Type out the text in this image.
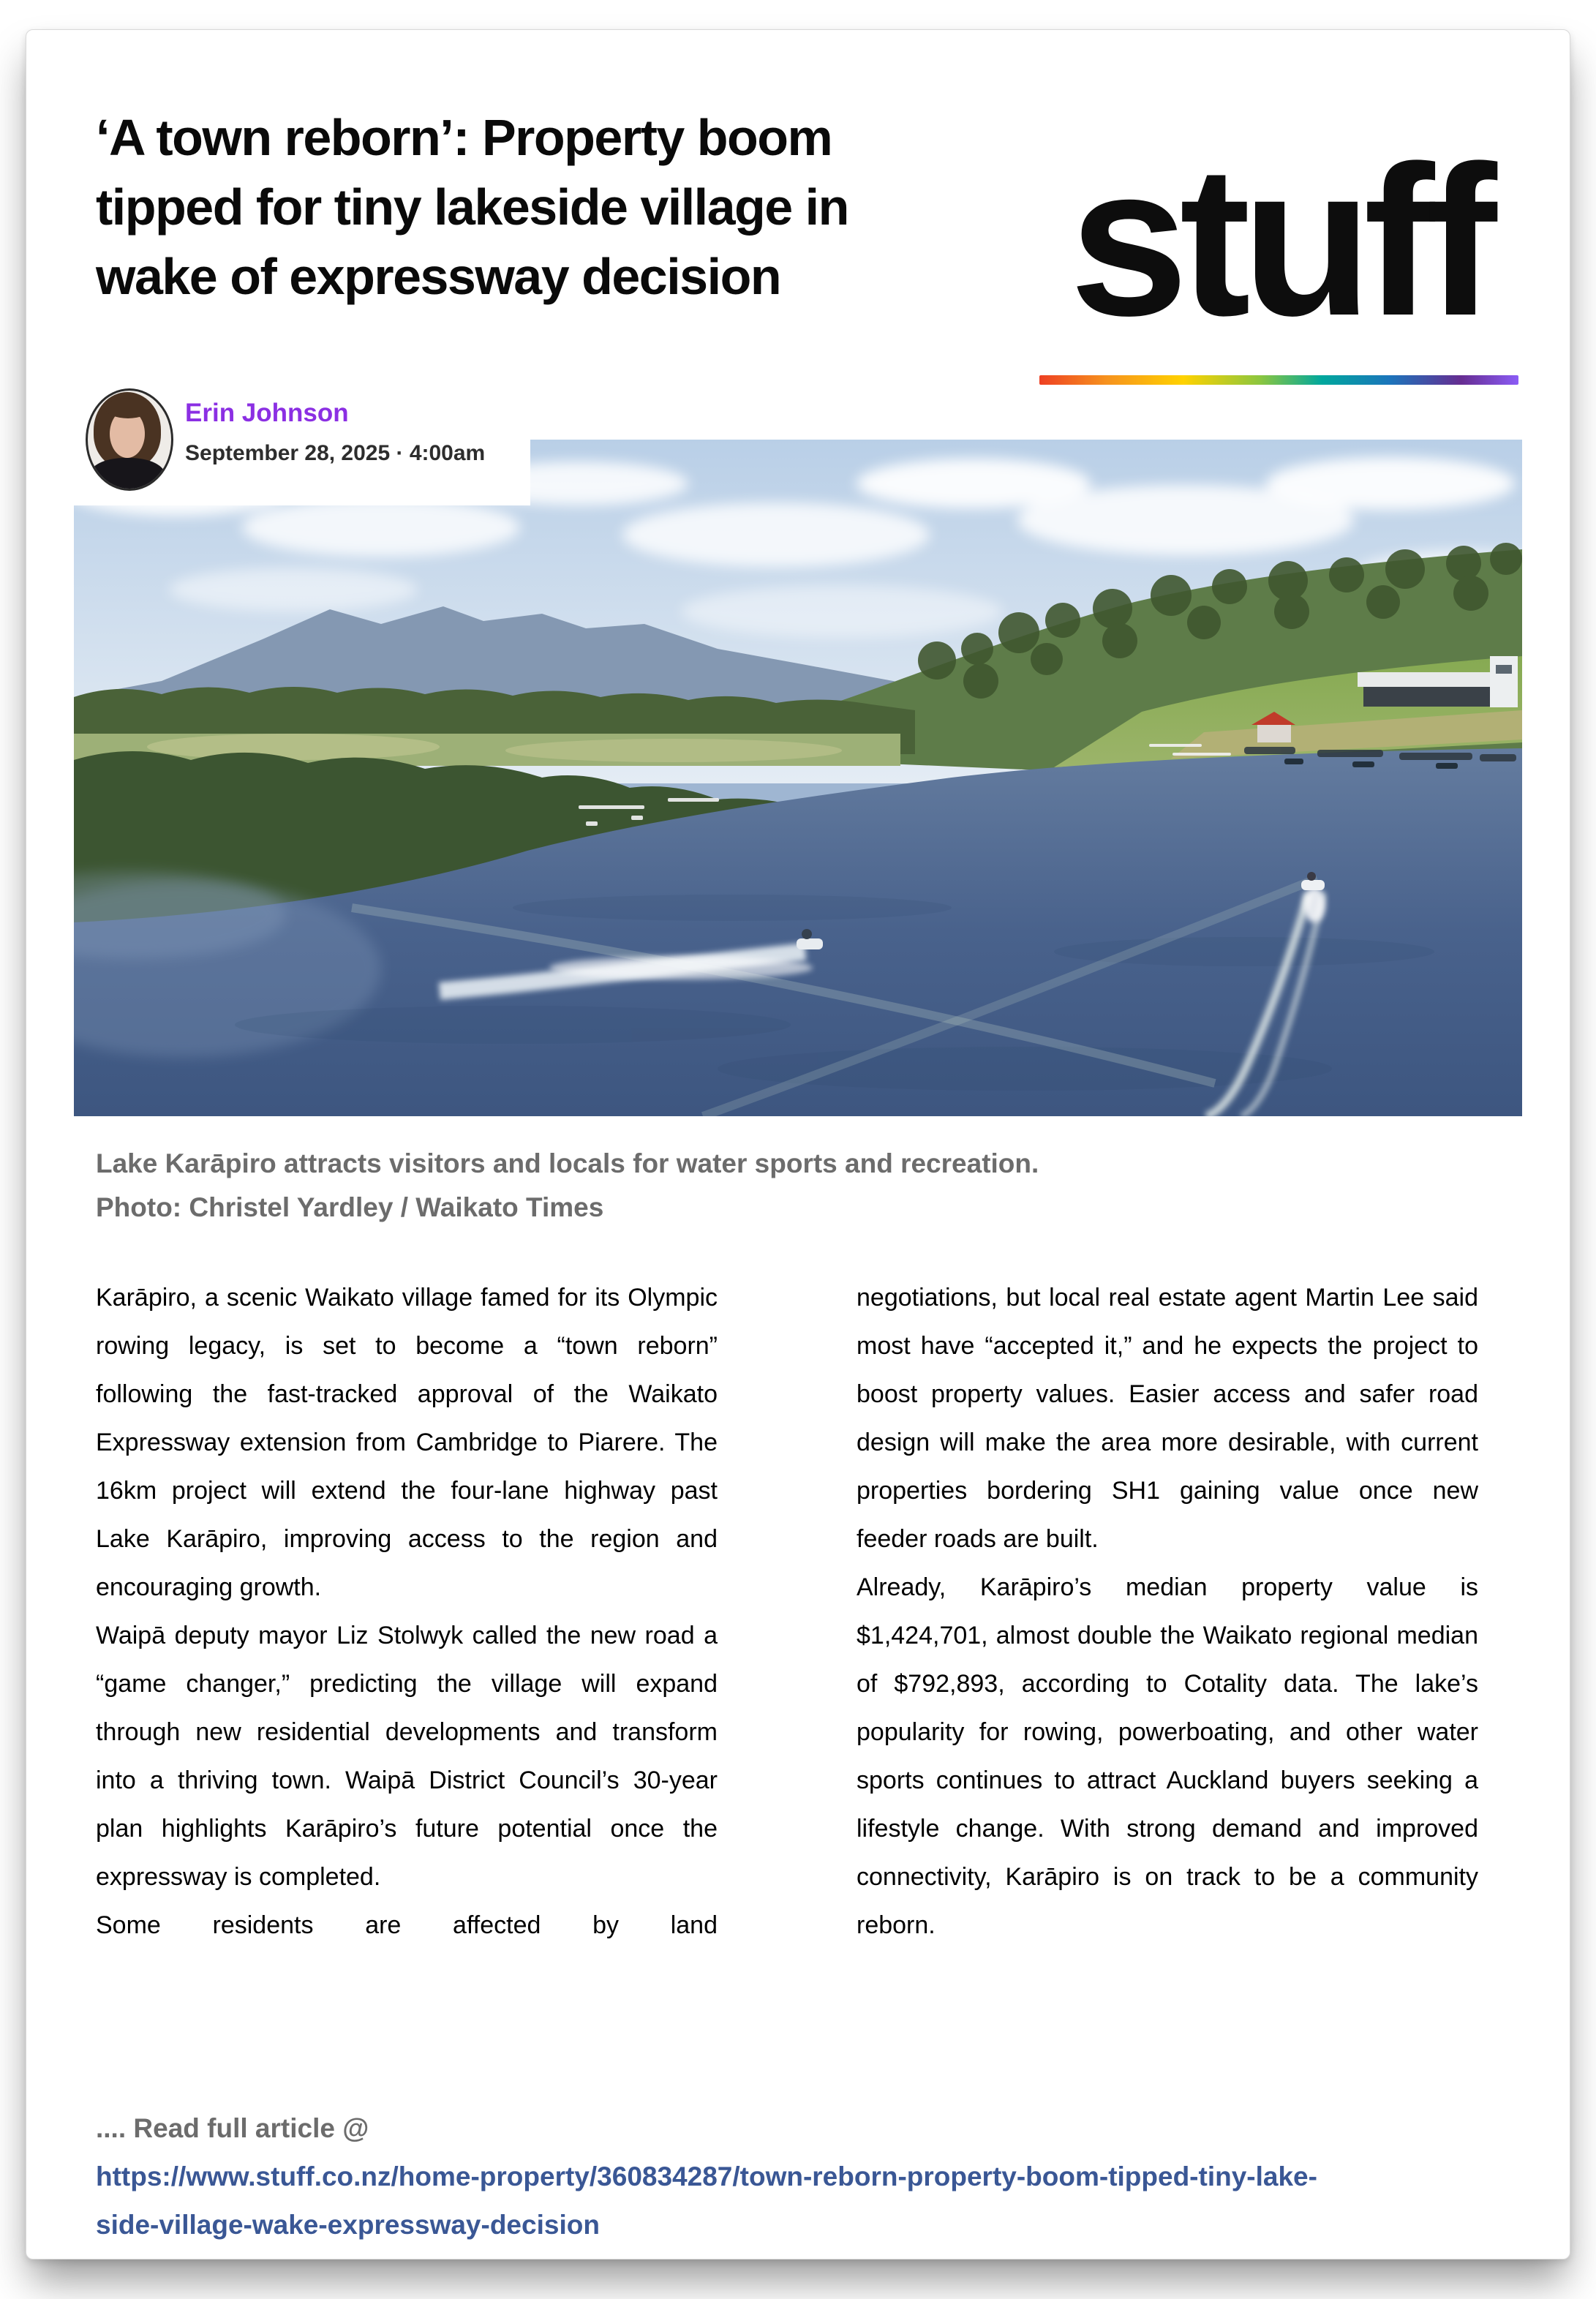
‘A town reborn’: Property boom
tipped for tiny lakeside village in
wake of expressway decision	stuff
Erin Johnson
September 28, 2025 · 4:00am
Lake Karāpiro attracts visitors and locals for water sports and recreation.
Photo: Christel Yardley / Waikato Times

Karāpiro, a scenic Waikato village famed for its Olympic rowing legacy, is set to become a “town reborn” following the fast-tracked approval of the Waikato Expressway extension from Cambridge to Piarere. The 16km project will extend the four-lane highway past Lake Karāpiro, improving access to the region and encouraging growth.

Waipā deputy mayor Liz Stolwyk called the new road a “game changer,” predicting the village will expand through new residential developments and transform into a thriving town. Waipā District Council’s 30-year plan highlights Karāpiro’s future potential once the expressway is completed.

Some residents are affected by land

negotiations, but local real estate agent Martin Lee said most have “accepted it,” and he expects the project to boost property values. Easier access and safer road design will make the area more desirable, with current properties bordering SH1 gaining value once new feeder roads are built.

Already, Karāpiro’s median property value is $1,424,701, almost double the Waikato regional median of $792,893, according to Cotality data. The lake’s popularity for rowing, powerboating, and other water sports continues to attract Auckland buyers seeking a lifestyle change. With strong demand and improved connectivity, Karāpiro is on track to be a community reborn.

.... Read full article @
https://www.stuff.co.nz/home-property/360834287/town-reborn-property-boom-tipped-tiny-lake-
side-village-wake-expressway-decision
